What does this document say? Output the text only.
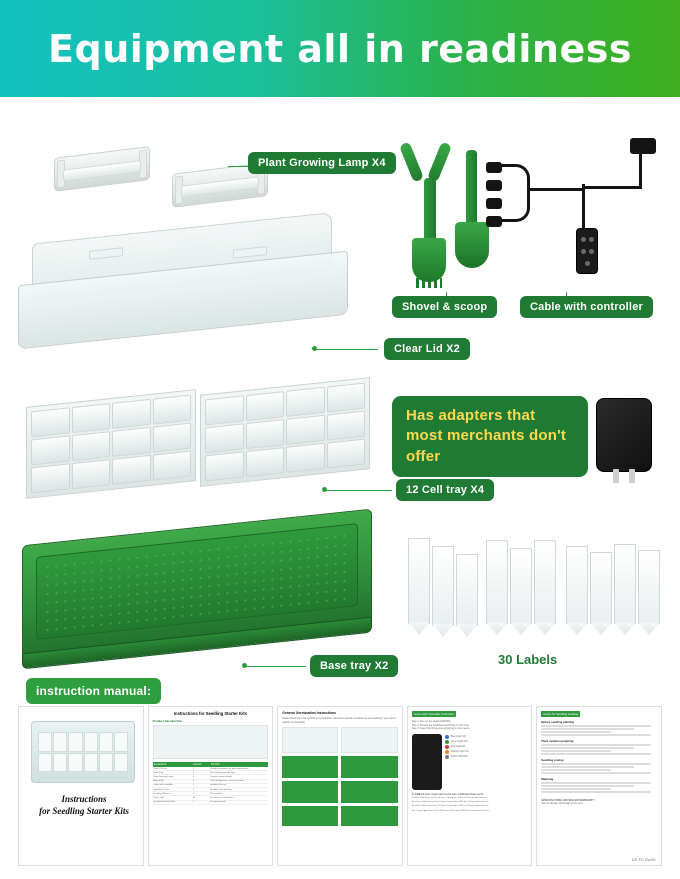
Equipment all in readiness
Plant Growing Lamp X4
Shovel & scoop	Cable with controller
Clear Lid X2
12 Cell tray X4
Has adapters that most merchants don't offer
Base tray X2	30 Labels
instruction manual:
Instructions
for Seedling Starter Kits
Instructions for Seedling Starter Kits
Product Introduction
Accessories	Amount	Function
Large 4 Packs	2	Provide incubators for plant germination
Seed Tray	2	Plant lighting provide light
Plant Growing Lamp	4	Connect power supply
Adapter/kit	1	Control brightness, on/off and timer
Cable with controller	1	Seedling Scissor
Seedling Scissor	1	Seedling transplanting
Seedling Whisper	1	Plant marker
Plant Label	30	Provide the temperature
Seedling Heating Mats	1	For plant growth
General Germination Instructions
Please check your seed packet for germination instructions specific to plants you are seeking in your (Seed packets not included)
Grow Light Controller Instruction
Step 1: Turn on the switch (ON/OFF).
Step 2: Choose the brightness according to your need.
Step 3: Select the timing time according to your needs.
Blue Light ON
Green Light ON
Red Light ON
Orange Light ON
Switch ON/OFF
In ONE 24 hour cycle each color has a different time cycle
the Red Light turns on for 3 hours, it then goes OFF for 21 hours then back on
the Green light turns on for 6 hours, it then goes OFF for 18 hours then back on
the Blue Light turns on for 12 hours it then goes OFF for 12 hours then back on
the Orange light turns on for 18 hours it then goes OFF for 6 hours then back on
Notice for Seedling Growing
Before seedling planting
Plant medium preparing
Seedling sowing
Watering
MANUFACTURE AND SELLER WARRANTY
Service Email: service@xxxxxx.com
CE FC RoHS
